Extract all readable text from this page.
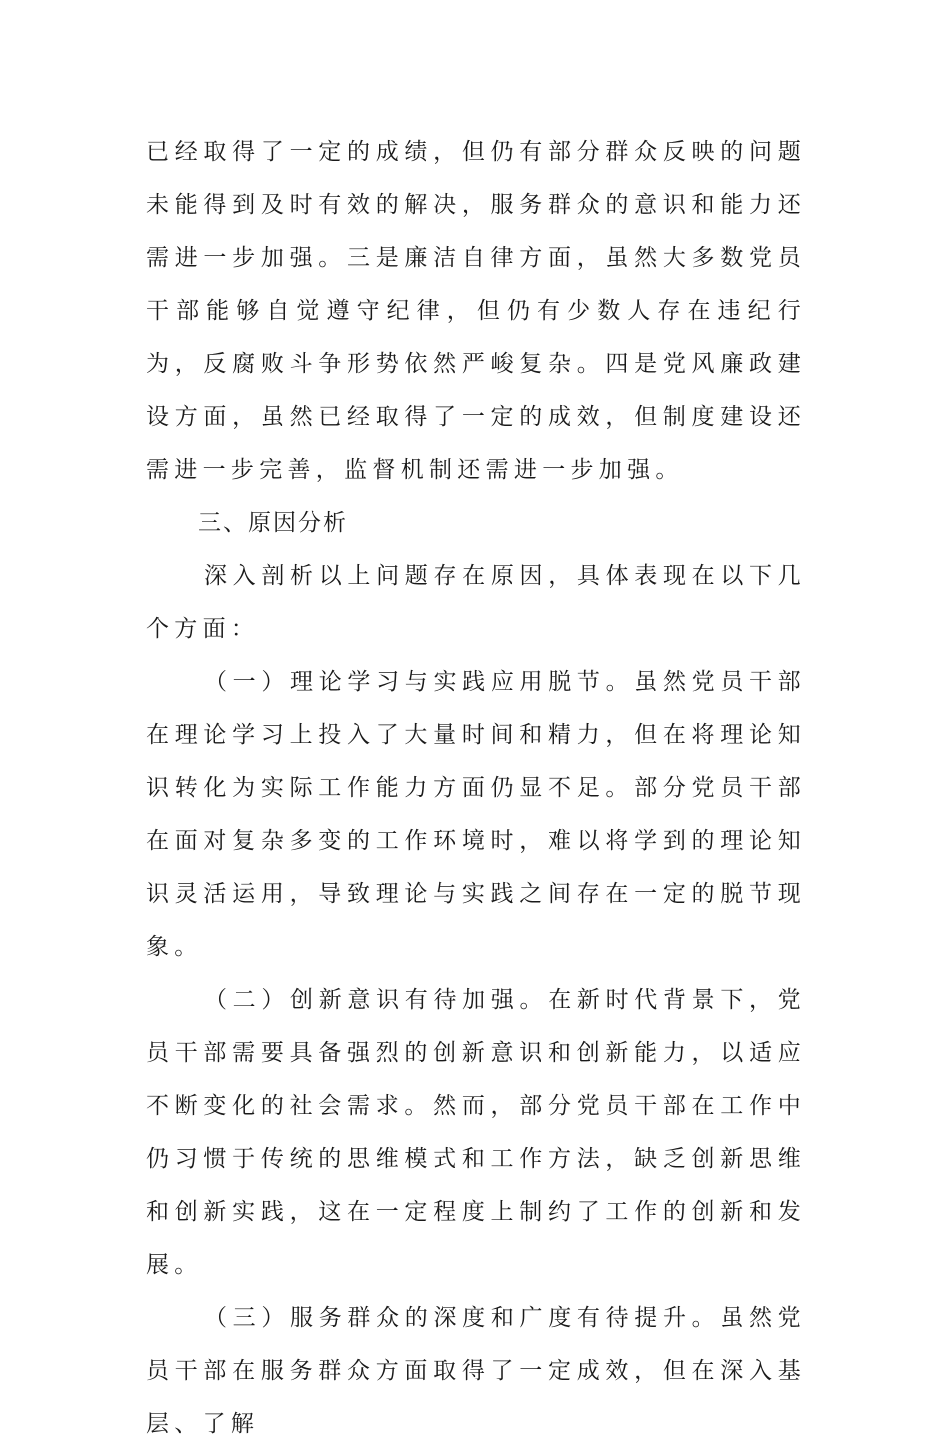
已经取得了一定的成绩，但仍有部分群众反映的问题未能得到及时有效的解决，服务群众的意识和能力还需进一步加强。三是廉洁自律方面，虽然大多数党员干部能够自觉遵守纪律，但仍有少数人存在违纪行为，反腐败斗争形势依然严峻复杂。四是党风廉政建设方面，虽然已经取得了一定的成效，但制度建设还需进一步完善，监督机制还需进一步加强。

三、原因分析

深入剖析以上问题存在原因，具体表现在以下几个方面：

（一）理论学习与实践应用脱节。虽然党员干部在理论学习上投入了大量时间和精力，但在将理论知识转化为实际工作能力方面仍显不足。部分党员干部在面对复杂多变的工作环境时，难以将学到的理论知识灵活运用，导致理论与实践之间存在一定的脱节现象。

（二）创新意识有待加强。在新时代背景下，党员干部需要具备强烈的创新意识和创新能力，以适应不断变化的社会需求。然而，部分党员干部在工作中仍习惯于传统的思维模式和工作方法，缺乏创新思维和创新实践，这在一定程度上制约了工作的创新和发展。

（三）服务群众的深度和广度有待提升。虽然党员干部在服务群众方面取得了一定成效，但在深入基层、了解
